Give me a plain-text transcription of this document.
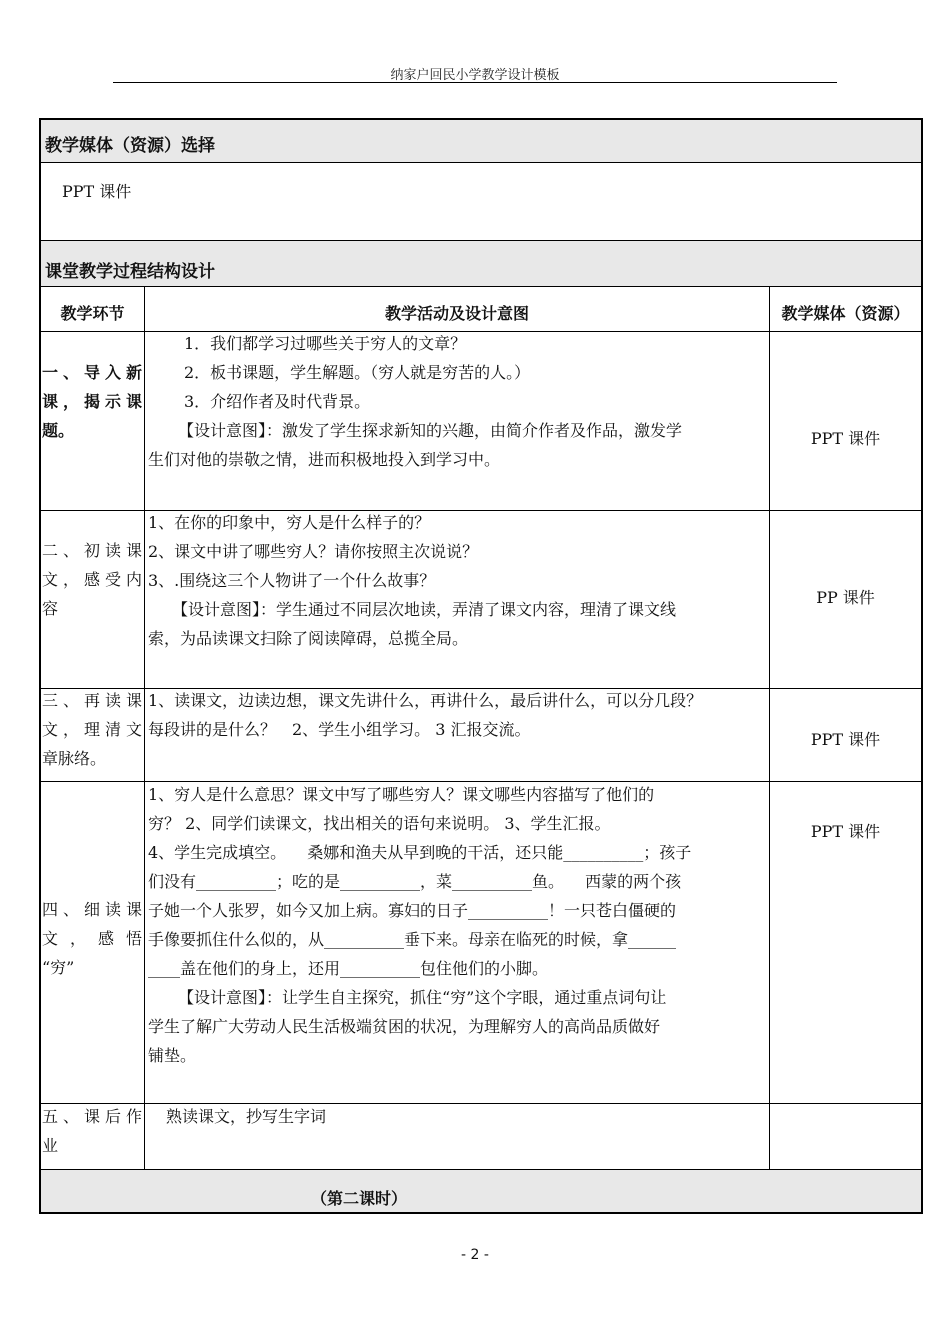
纳家户回民小学教学设计模板
教学媒体（资源）选择
PPT 课件
课堂教学过程结构设计
教学环节	教学活动及设计意图	教学媒体（资源）
一、导入新
课，揭示课
题。

1．我们都学习过哪些关于穷人的文章？

2．板书课题，学生解题。（穷人就是穷苦的人。）

3．介绍作者及时代背景。

【设计意图】：激发了学生探求新知的兴趣，由简介作者及作品，激发学

生们对他的崇敬之情，进而积极地投入到学习中。

PPT 课件
二、初读课
文，感受内
容

1、在你的印象中，穷人是什么样子的？

2、课文中讲了哪些穷人？请你按照主次说说？

3、.围绕这三个人物讲了一个什么故事？

【设计意图】：学生通过不同层次地读，弄清了课文内容，理清了课文线

索，为品读课文扫除了阅读障碍，总揽全局。

PP 课件
三、再读课
文，理清文
章脉络。

1、读课文，边读边想，课文先讲什么，再讲什么，最后讲什么，可以分几段？

每段讲的是什么？　2、学生小组学习。 3 汇报交流。

PPT 课件
四、细读课
文 ， 感 悟
“穷”

1、穷人是什么意思？课文中写了哪些穷人？课文哪些内容描写了他们的

穷？ 2、同学们读课文，找出相关的语句来说明。 3、学生汇报。

4、学生完成填空。 　桑娜和渔夫从早到晚的干活，还只能__________；孩子

们没有__________；吃的是__________，菜__________鱼。 　西蒙的两个孩

子她一个人张罗，如今又加上病。寡妇的日子__________！一只苍白僵硬的

手像要抓住什么似的，从__________垂下来。母亲在临死的时候，拿______

____盖在他们的身上，还用__________包住他们的小脚。

【设计意图】：让学生自主探究，抓住“穷”这个字眼，通过重点词句让

学生了解广大劳动人民生活极端贫困的状况，为理解穷人的高尚品质做好

铺垫。

PPT 课件
五、课后作
业

熟读课文，抄写生字词

（第二课时）
- 2 -
